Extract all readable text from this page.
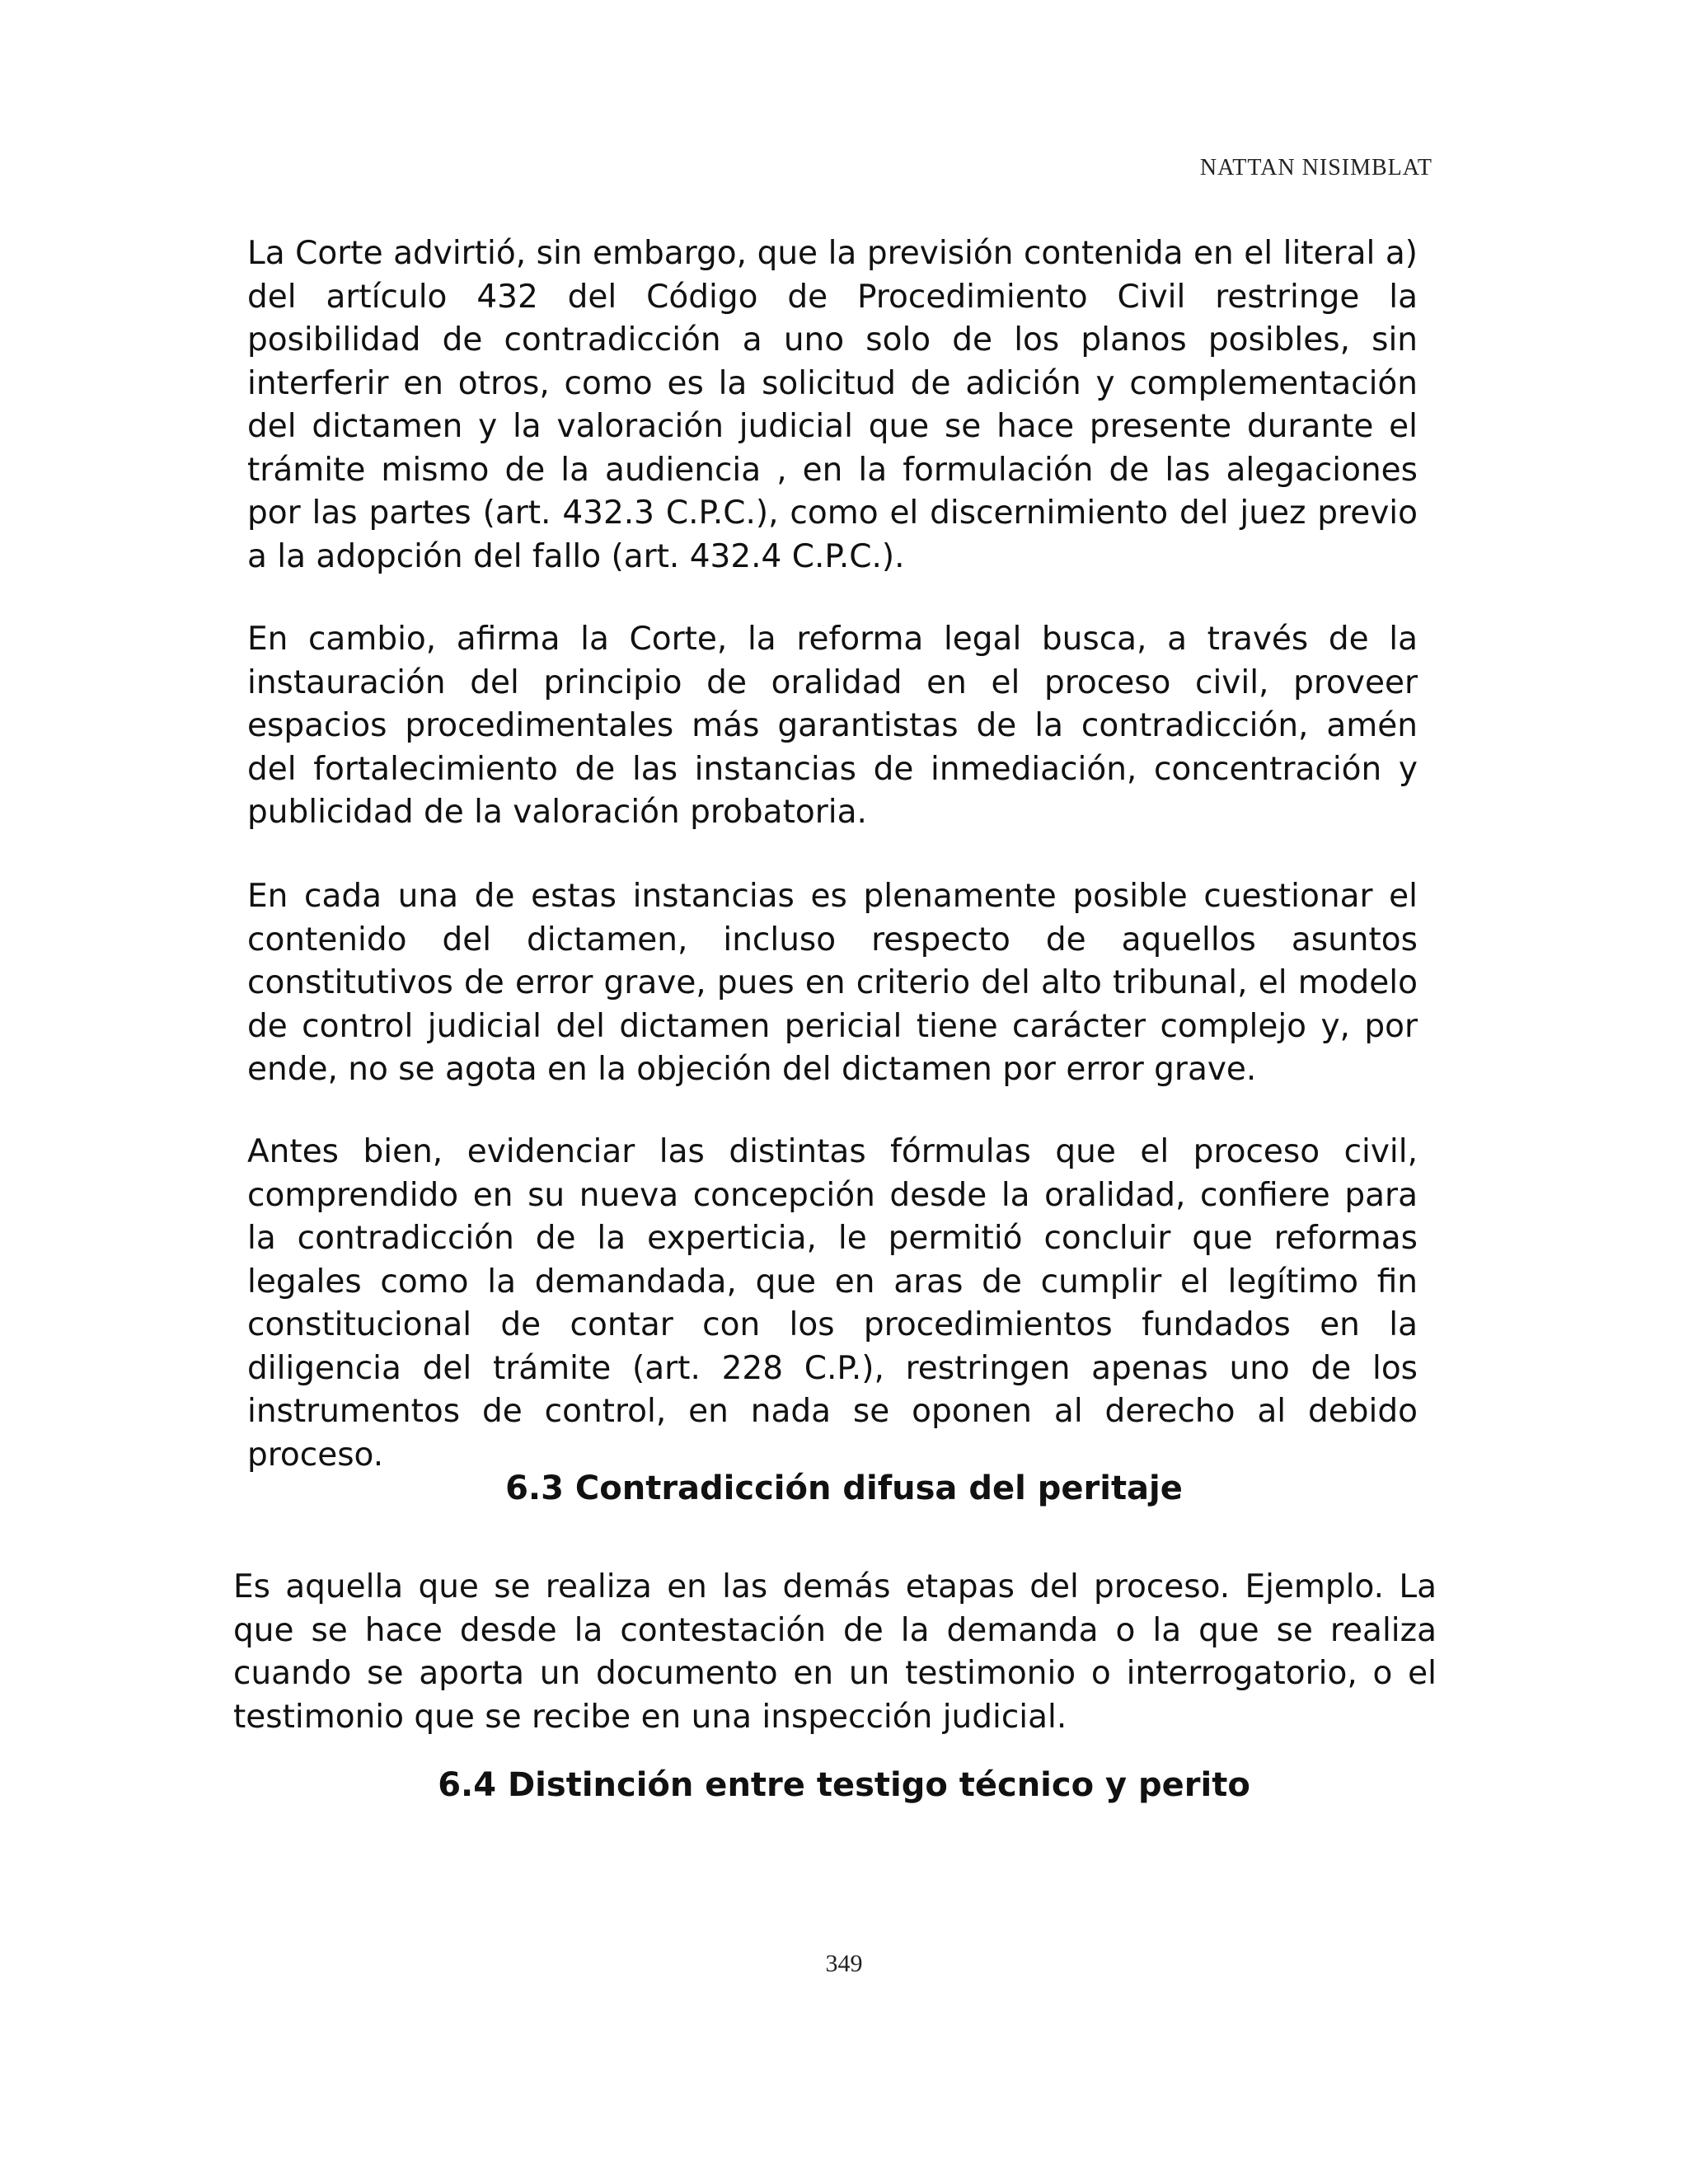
NATTAN NISIMBLAT

La Corte advirtió, sin embargo, que la previsión contenida en el literal a) del artículo 432 del Código de Procedimiento Civil restringe la posibilidad de contradicción a uno solo de los planos posibles, sin interferir en otros, como es la solicitud de adición y complementación del dictamen y la valoración judicial que se hace presente durante el trámite mismo de la audiencia , en la formulación de las alegaciones por las partes (art. 432.3 C.P.C.), como el discernimiento del juez previo a la adopción del fallo (art. 432.4 C.P.C.).

En cambio, afirma la Corte, la reforma legal busca, a través de la instauración del principio de oralidad en el proceso civil, proveer espacios procedimentales más garantistas de la contradicción, amén del fortalecimiento de las instancias de inmediación, concentración y publicidad de la valoración probatoria.

En cada una de estas instancias es plenamente posible cuestionar el contenido del dictamen, incluso respecto de aquellos asuntos constitutivos de error grave, pues en criterio del alto tribunal, el modelo de control judicial del dictamen pericial tiene carácter complejo y, por ende, no se agota en la objeción del dictamen por error grave.

Antes bien, evidenciar las distintas fórmulas que el proceso civil, comprendido en su nueva concepción desde la oralidad, confiere para la contradicción de la experticia, le permitió concluir que reformas legales como la demandada, que en aras de cumplir el legítimo fin constitucional de contar con los procedimientos fundados en la diligencia del trámite (art. 228 C.P.), restringen apenas uno de los instrumentos de control, en nada se oponen al derecho al debido proceso.

6.3 Contradicción difusa del peritaje

Es aquella que se realiza en las demás etapas del proceso. Ejemplo. La que se hace desde la contestación de la demanda o la que se realiza cuando se aporta un documento en un testimonio o interrogatorio, o el testimonio que se recibe en una inspección judicial.

6.4 Distinción entre testigo técnico y perito
349
